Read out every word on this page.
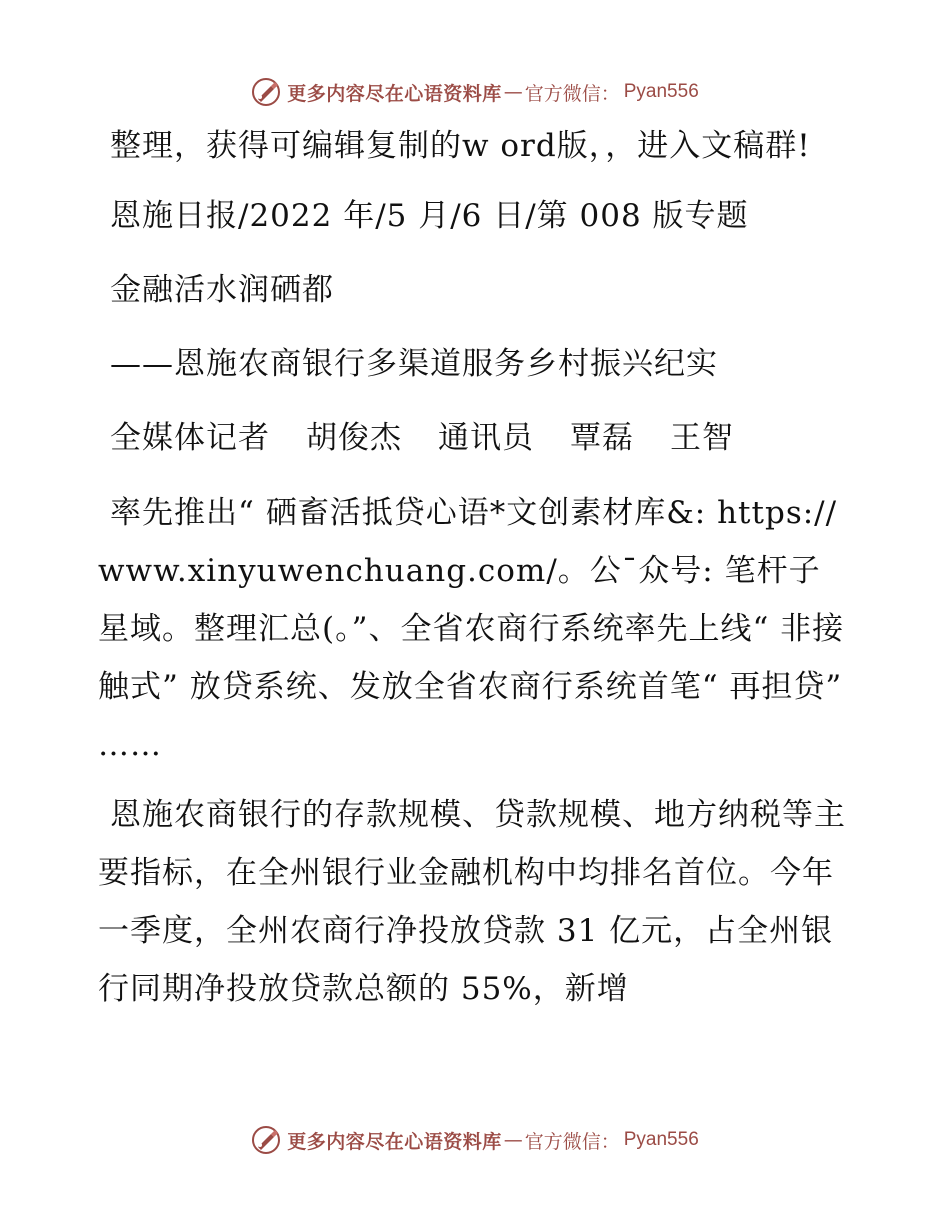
更多内容尽在心语资料库 — 官方微信： Pyan556

整理，获得可编辑复制的w ord版，，进入文稿群!

恩施日报/2022 年/5 月/6 日/第 008 版专题

金融活水润硒都

——恩施农商银行多渠道服务乡村振兴纪实

全媒体记者 胡俊杰 通讯员 覃磊 王智

率先推出“ 硒畜活抵贷心语*文创素材库&: https://www.xinyuwenchuang.com/。公¯众号: 笔杆子星域。整理汇总(。”、全省农商行系统率先上线“ 非接触式” 放贷系统、发放全省农商行系统首笔“ 再担贷” ……

恩施农商银行的存款规模、贷款规模、地方纳税等主要指标，在全州银行业金融机构中均排名首位。今年一季度，全州农商行净投放贷款 31 亿元，占全州银行同期净投放贷款总额的 55%，新增

更多内容尽在心语资料库 — 官方微信： Pyan556
